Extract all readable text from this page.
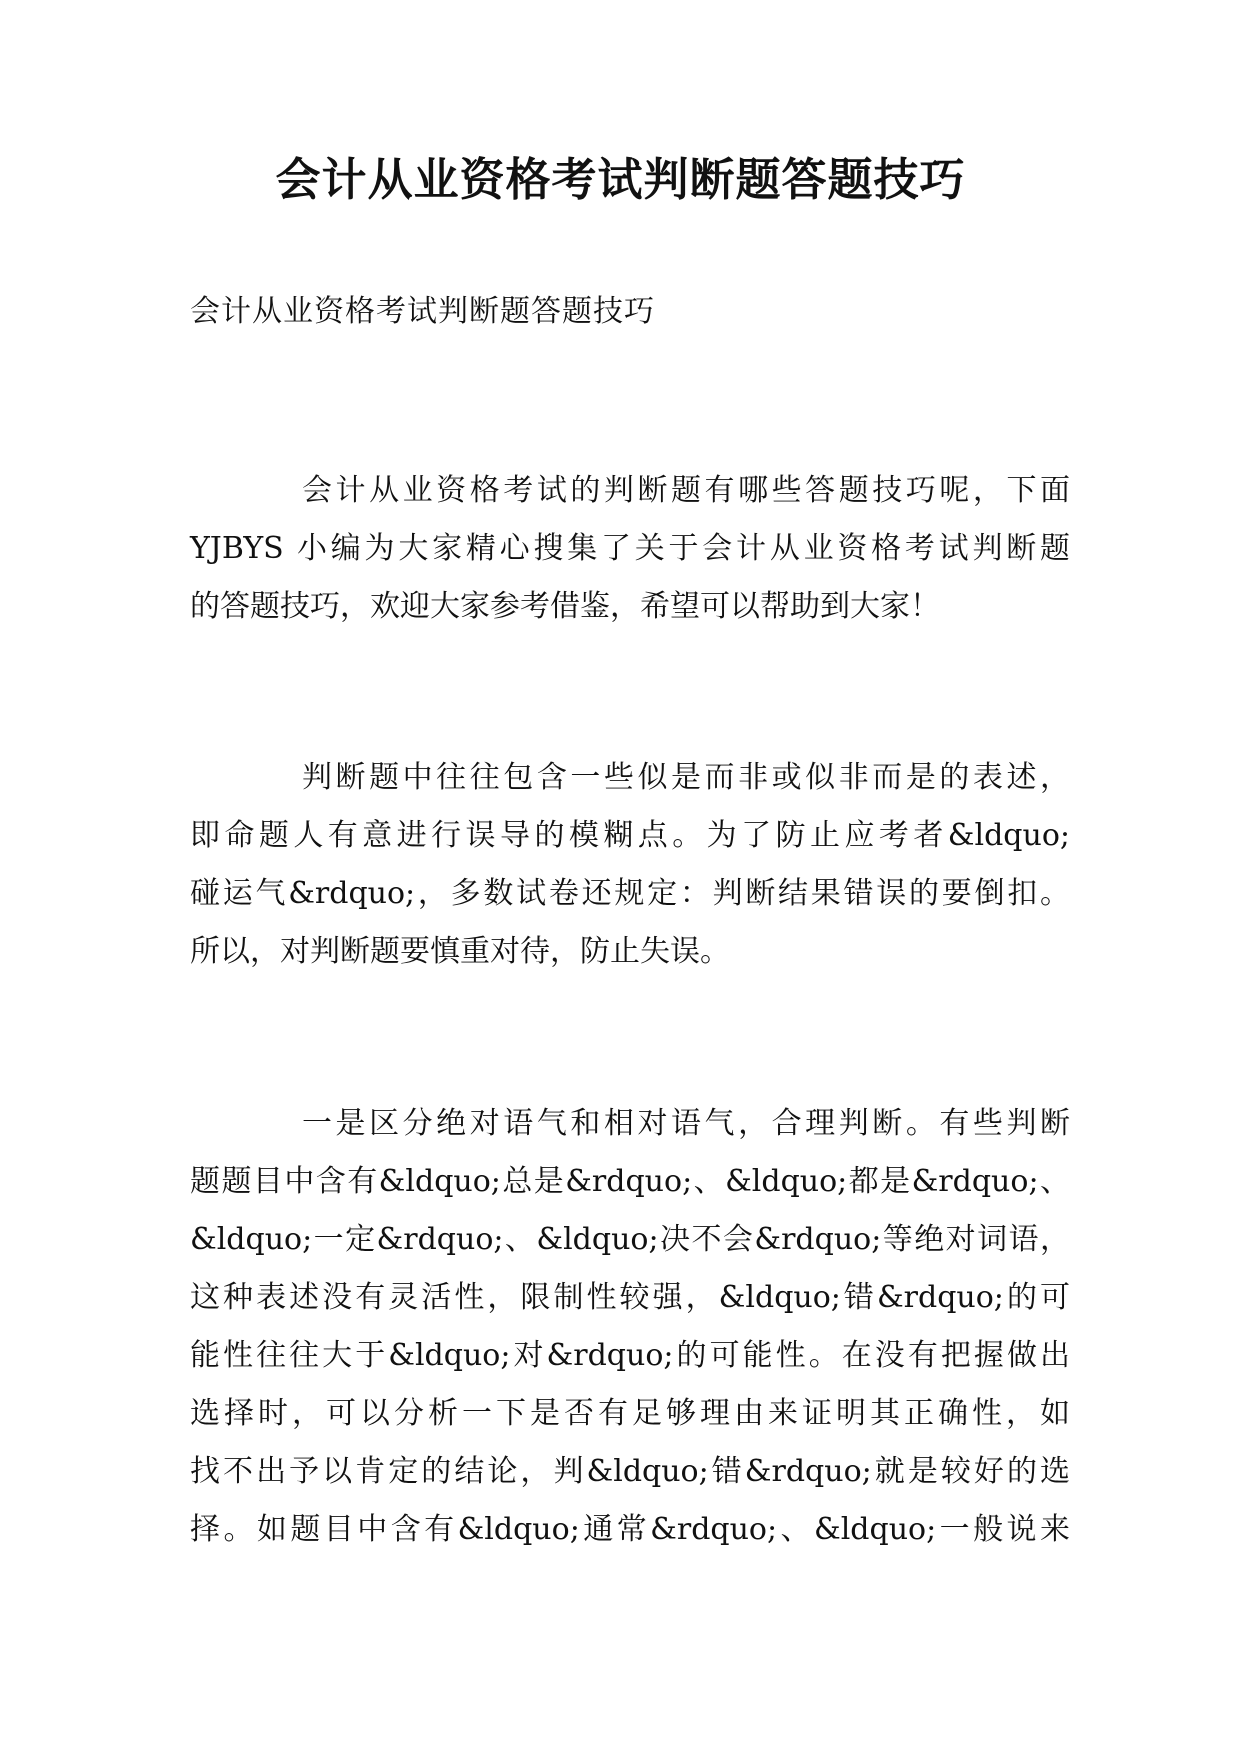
会计从业资格考试判断题答题技巧
会计从业资格考试判断题答题技巧
会计从业资格考试的判断题有哪些答题技巧呢，下面
YJBYS 小编为大家精心搜集了关于会计从业资格考试判断题
的答题技巧，欢迎大家参考借鉴，希望可以帮助到大家！
判断题中往往包含一些似是而非或似非而是的表述，
即命题人有意进行误导的模糊点。为了防止应考者&ldquo;
碰运气&rdquo;，多数试卷还规定：判断结果错误的要倒扣。
所以，对判断题要慎重对待，防止失误。
一是区分绝对语气和相对语气，合理判断。有些判断
题题目中含有&ldquo;总是&rdquo;、&ldquo;都是&rdquo;、
&ldquo;一定&rdquo;、&ldquo;决不会&rdquo;等绝对词语，
这种表述没有灵活性，限制性较强，&ldquo;错&rdquo;的可
能性往往大于&ldquo;对&rdquo;的可能性。在没有把握做出
选择时，可以分析一下是否有足够理由来证明其正确性，如
找不出予以肯定的结论，判&ldquo;错&rdquo;就是较好的选
择。如题目中含有&ldquo;通常&rdquo;、&ldquo;一般说来
